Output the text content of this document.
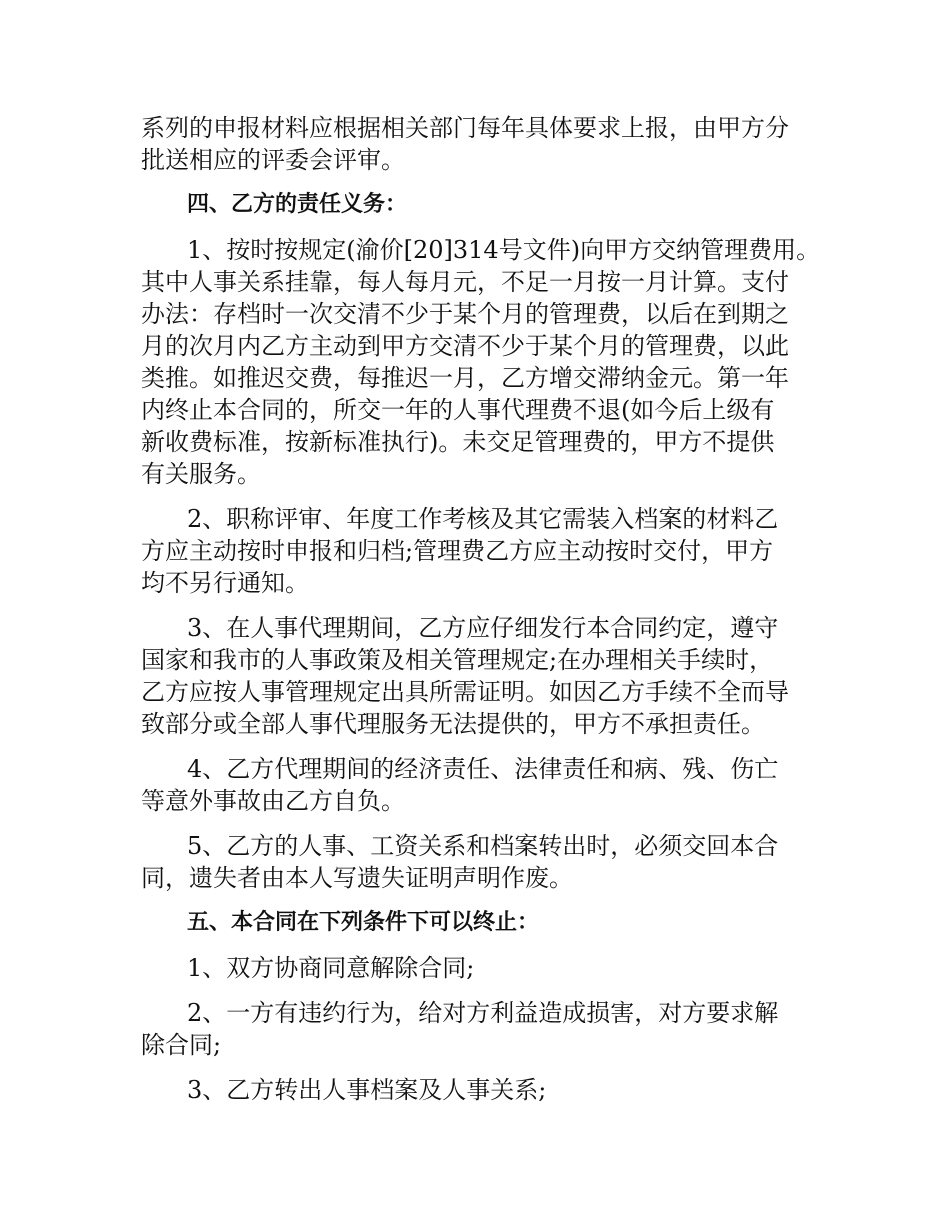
系列的申报材料应根据相关部门每年具体要求上报，由甲方分
批送相应的评委会评审。
四、乙方的责任义务：
1、按时按规定(渝价[20]314号文件)向甲方交纳管理费用。
其中人事关系挂靠，每人每月元，不足一月按一月计算。支付
办法：存档时一次交清不少于某个月的管理费，以后在到期之
月的次月内乙方主动到甲方交清不少于某个月的管理费，以此
类推。如推迟交费，每推迟一月，乙方增交滞纳金元。第一年
内终止本合同的，所交一年的人事代理费不退(如今后上级有
新收费标准，按新标准执行)。未交足管理费的，甲方不提供
有关服务。
2、职称评审、年度工作考核及其它需装入档案的材料乙
方应主动按时申报和归档;管理费乙方应主动按时交付，甲方
均不另行通知。
3、在人事代理期间，乙方应仔细发行本合同约定，遵守
国家和我市的人事政策及相关管理规定;在办理相关手续时，
乙方应按人事管理规定出具所需证明。如因乙方手续不全而导
致部分或全部人事代理服务无法提供的，甲方不承担责任。
4、乙方代理期间的经济责任、法律责任和病、残、伤亡
等意外事故由乙方自负。
5、乙方的人事、工资关系和档案转出时，必须交回本合
同，遗失者由本人写遗失证明声明作废。
五、本合同在下列条件下可以终止：
1、双方协商同意解除合同;
2、一方有违约行为，给对方利益造成损害，对方要求解
除合同;
3、乙方转出人事档案及人事关系;
